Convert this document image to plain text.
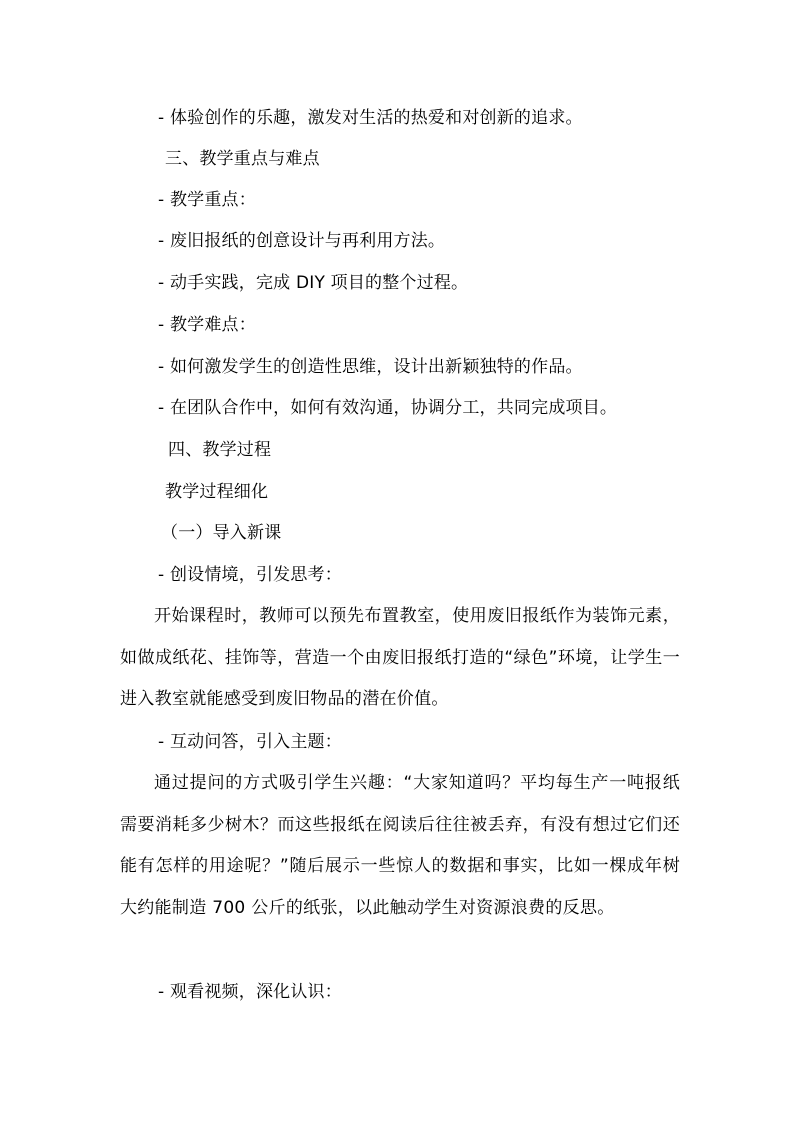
- 体验创作的乐趣，激发对生活的热爱和对创新的追求。
三、教学重点与难点
- 教学重点：
- 废旧报纸的创意设计与再利用方法。
- 动手实践，完成 DIY 项目的整个过程。
- 教学难点：
- 如何激发学生的创造性思维，设计出新颖独特的作品。
- 在团队合作中，如何有效沟通，协调分工，共同完成项目。
四、教学过程
教学过程细化
（一）导入新课
- 创设情境，引发思考：
开始课程时，教师可以预先布置教室，使用废旧报纸作为装饰元素，如做成纸花、挂饰等，营造一个由废旧报纸打造的“绿色”环境，让学生一进入教室就能感受到废旧物品的潜在价值。
- 互动问答，引入主题：
通过提问的方式吸引学生兴趣：“大家知道吗？平均每生产一吨报纸需要消耗多少树木？而这些报纸在阅读后往往被丢弃，有没有想过它们还能有怎样的用途呢？”随后展示一些惊人的数据和事实，比如一棵成年树大约能制造 700 公斤的纸张，以此触动学生对资源浪费的反思。
- 观看视频，深化认识：
